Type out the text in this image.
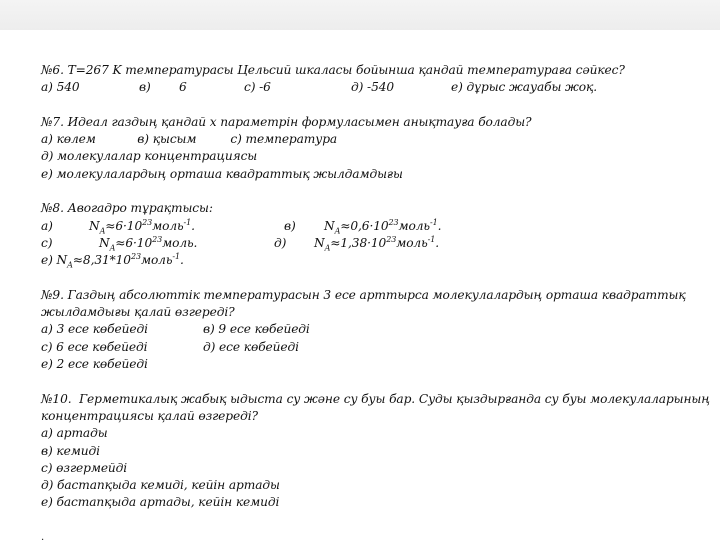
№6. T=267 K температурасы Цельсий шкаласы бойынша қандай температураға сәйкес?
а) 540	в) 6	с) -6	д) -540	е) дұрыс жауабы жоқ.
№7. Идеал газдың қандай х параметрін формуласымен анықтауға болады?
а) көлем           в) қысым         с) температура
д) молекулалар концентрациясы
е) молекулалардың орташа квадраттық жылдамдығы
№8. Авогадро тұрақтысы:
а)	$N_A\approx 6\cdot 10^{23}моль^{-1}$.	в) $N_A\approx 0,6\cdot 10^{23}моль^{-1}$.
с)	$N_A\approx 6\cdot 10^{23}моль$.	д) $N_A\approx 1,38\cdot 10^{23}моль^{-1}$.
е) $N_A\approx 8,31*10^{23}моль^{-1}$.
№9. Газдың абсолюттік температурасын 3 есе арттырса молекулалардың орташа квадраттық
жылдамдығы қалай өзгереді?
а) 3 есе көбейеді	в) 9 есе көбейеді
с) 6 есе көбейеді	д) есе көбейеді
е) 2 есе көбейеді
№10.  Герметикалық жабық ыдыста су және су буы бар. Суды қыздырғанда су буы молекулаларының
концентрациясы қалай өзгереді?
а) артады
в) кемиді
с) өзгермейді
д) бастапқыда кемиді, кейін артады
е) бастапқыда артады, кейін кемиді
.
